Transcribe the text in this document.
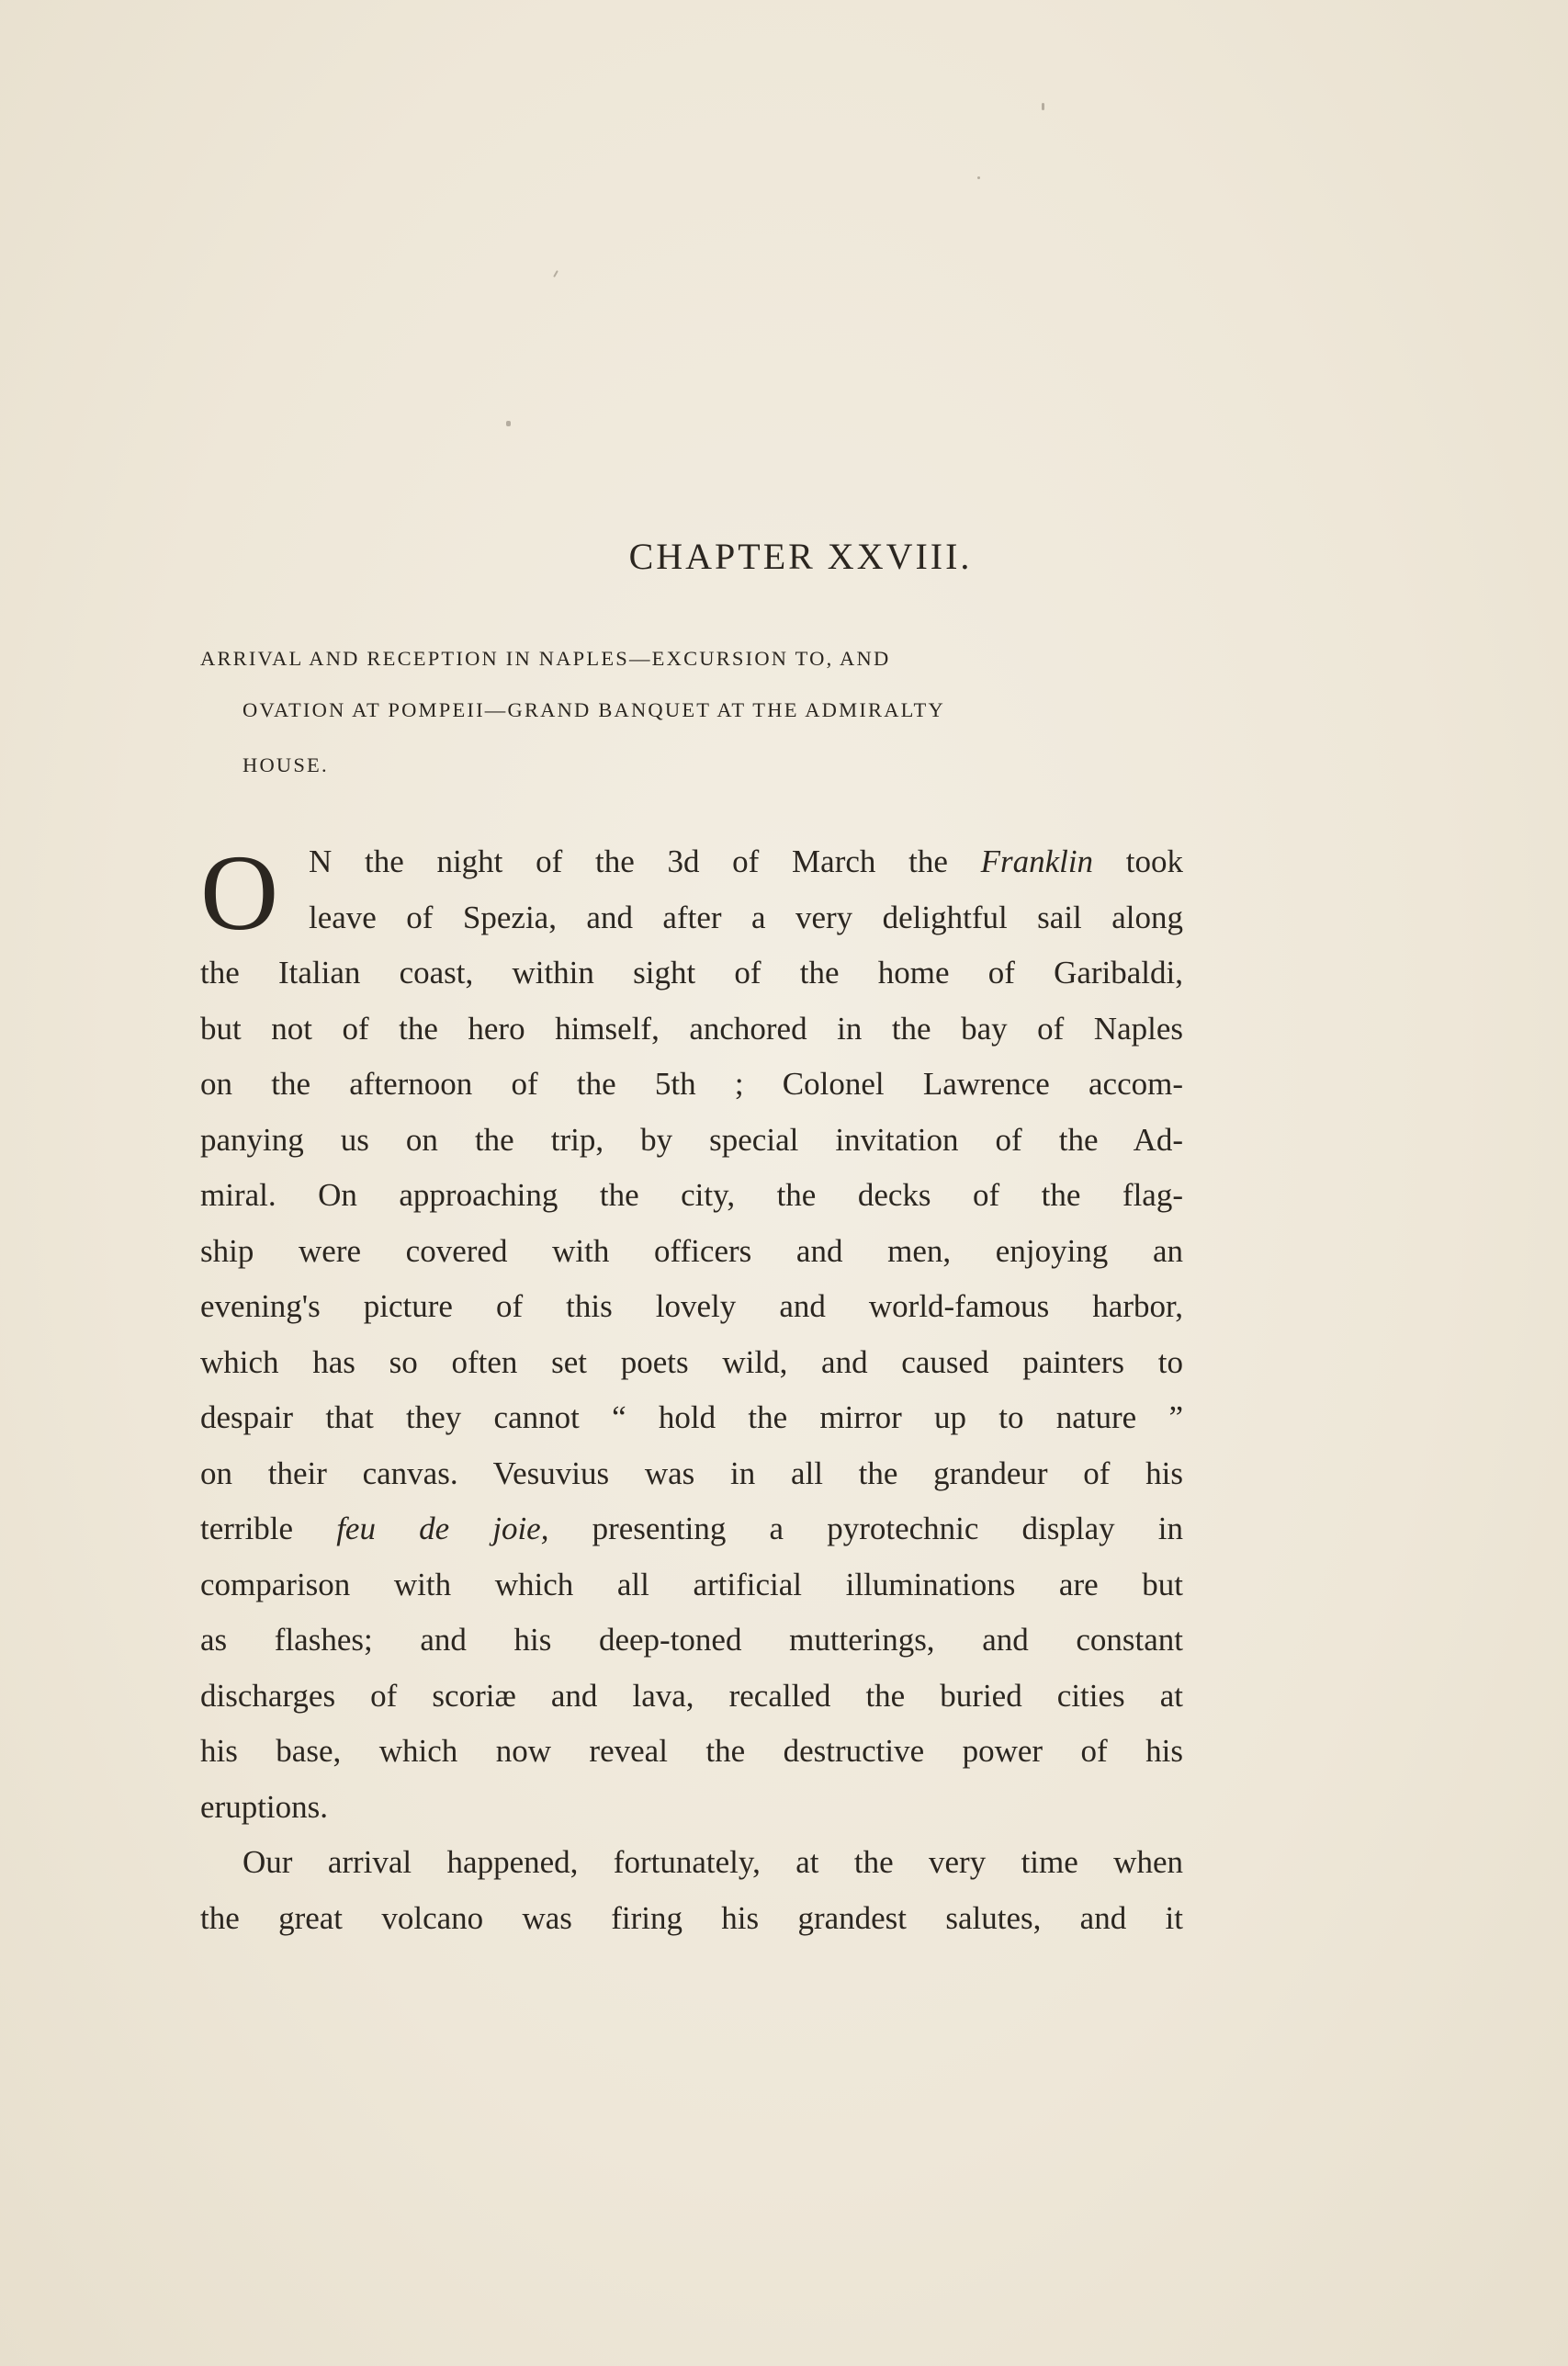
CHAPTER XXVIII.
ARRIVAL AND RECEPTION IN NAPLES—EXCURSION TO, AND
OVATION AT POMPEII—GRAND BANQUET AT THE ADMIRALTY
HOUSE.
O N the night of the 3d of March the Franklin took
leave of Spezia, and after a very delightful sail along
the Italian coast, within sight of the home of Garibaldi,
but not of the hero himself, anchored in the bay of Naples
on the afternoon of the 5th ; Colonel Lawrence accom-
panying us on the trip, by special invitation of the Ad-
miral. On approaching the city, the decks of the flag-
ship were covered with officers and men, enjoying an
evening's picture of this lovely and world-famous harbor,
which has so often set poets wild, and caused painters to
despair that they cannot “ hold the mirror up to nature ”
on their canvas. Vesuvius was in all the grandeur of his
terrible feu de joie, presenting a pyrotechnic display in
comparison with which all artificial illuminations are but
as flashes; and his deep-toned mutterings, and constant
discharges of scoriæ and lava, recalled the buried cities at
his base, which now reveal the destructive power of his
eruptions.
Our arrival happened, fortunately, at the very time when
the great volcano was firing his grandest salutes, and it
